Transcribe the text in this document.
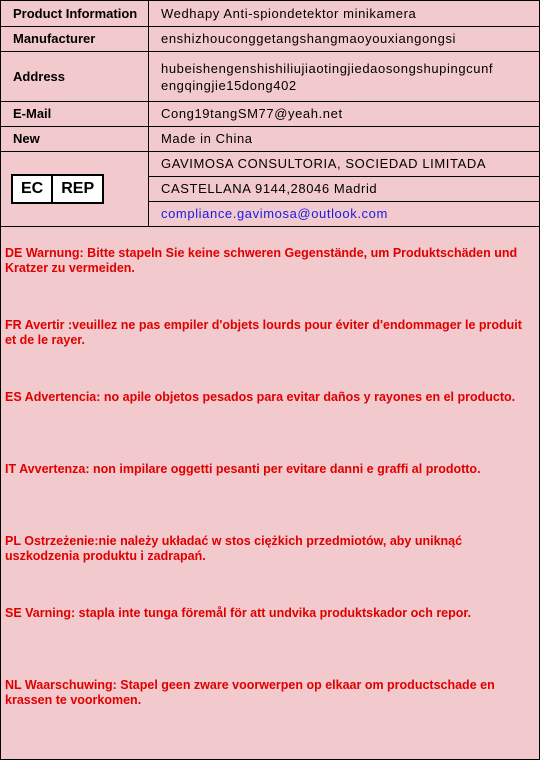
Product Information	Wedhapy Anti-spiondetektor minikamera
Manufacturer	enshizhouconggetangshangmaoyouxiangongsi
Address	hubeishengenshishiliujiaotingjiedaosongshupingcunf
engqingjie15dong402

E-Mail	Cong19tangSM77@yeah.net
New	Made in China

EC REP	GAVIMOSA CONSULTORIA, SOCIEDAD LIMITADA
	CASTELLANA 9144,28046 Madrid
	compliance.gavimosa@outlook.com

DE Warnung: Bitte stapeln Sie keine schweren Gegenstände, um Produktschäden und Kratzer zu vermeiden.

FR Avertir :veuillez ne pas empiler d'objets lourds pour éviter d'endommager le produit et de le rayer.

ES Advertencia: no apile objetos pesados para evitar daños y rayones en el producto.

IT Avvertenza: non impilare oggetti pesanti per evitare danni e graffi al prodotto.

PL Ostrzeżenie:nie należy układać w stos ciężkich przedmiotów, aby uniknąć uszkodzenia produktu i zadrapań.

SE Varning: stapla inte tunga föremål för att undvika produktskador och repor.

NL Waarschuwing: Stapel geen zware voorwerpen op elkaar om productschade en krassen te voorkomen.
